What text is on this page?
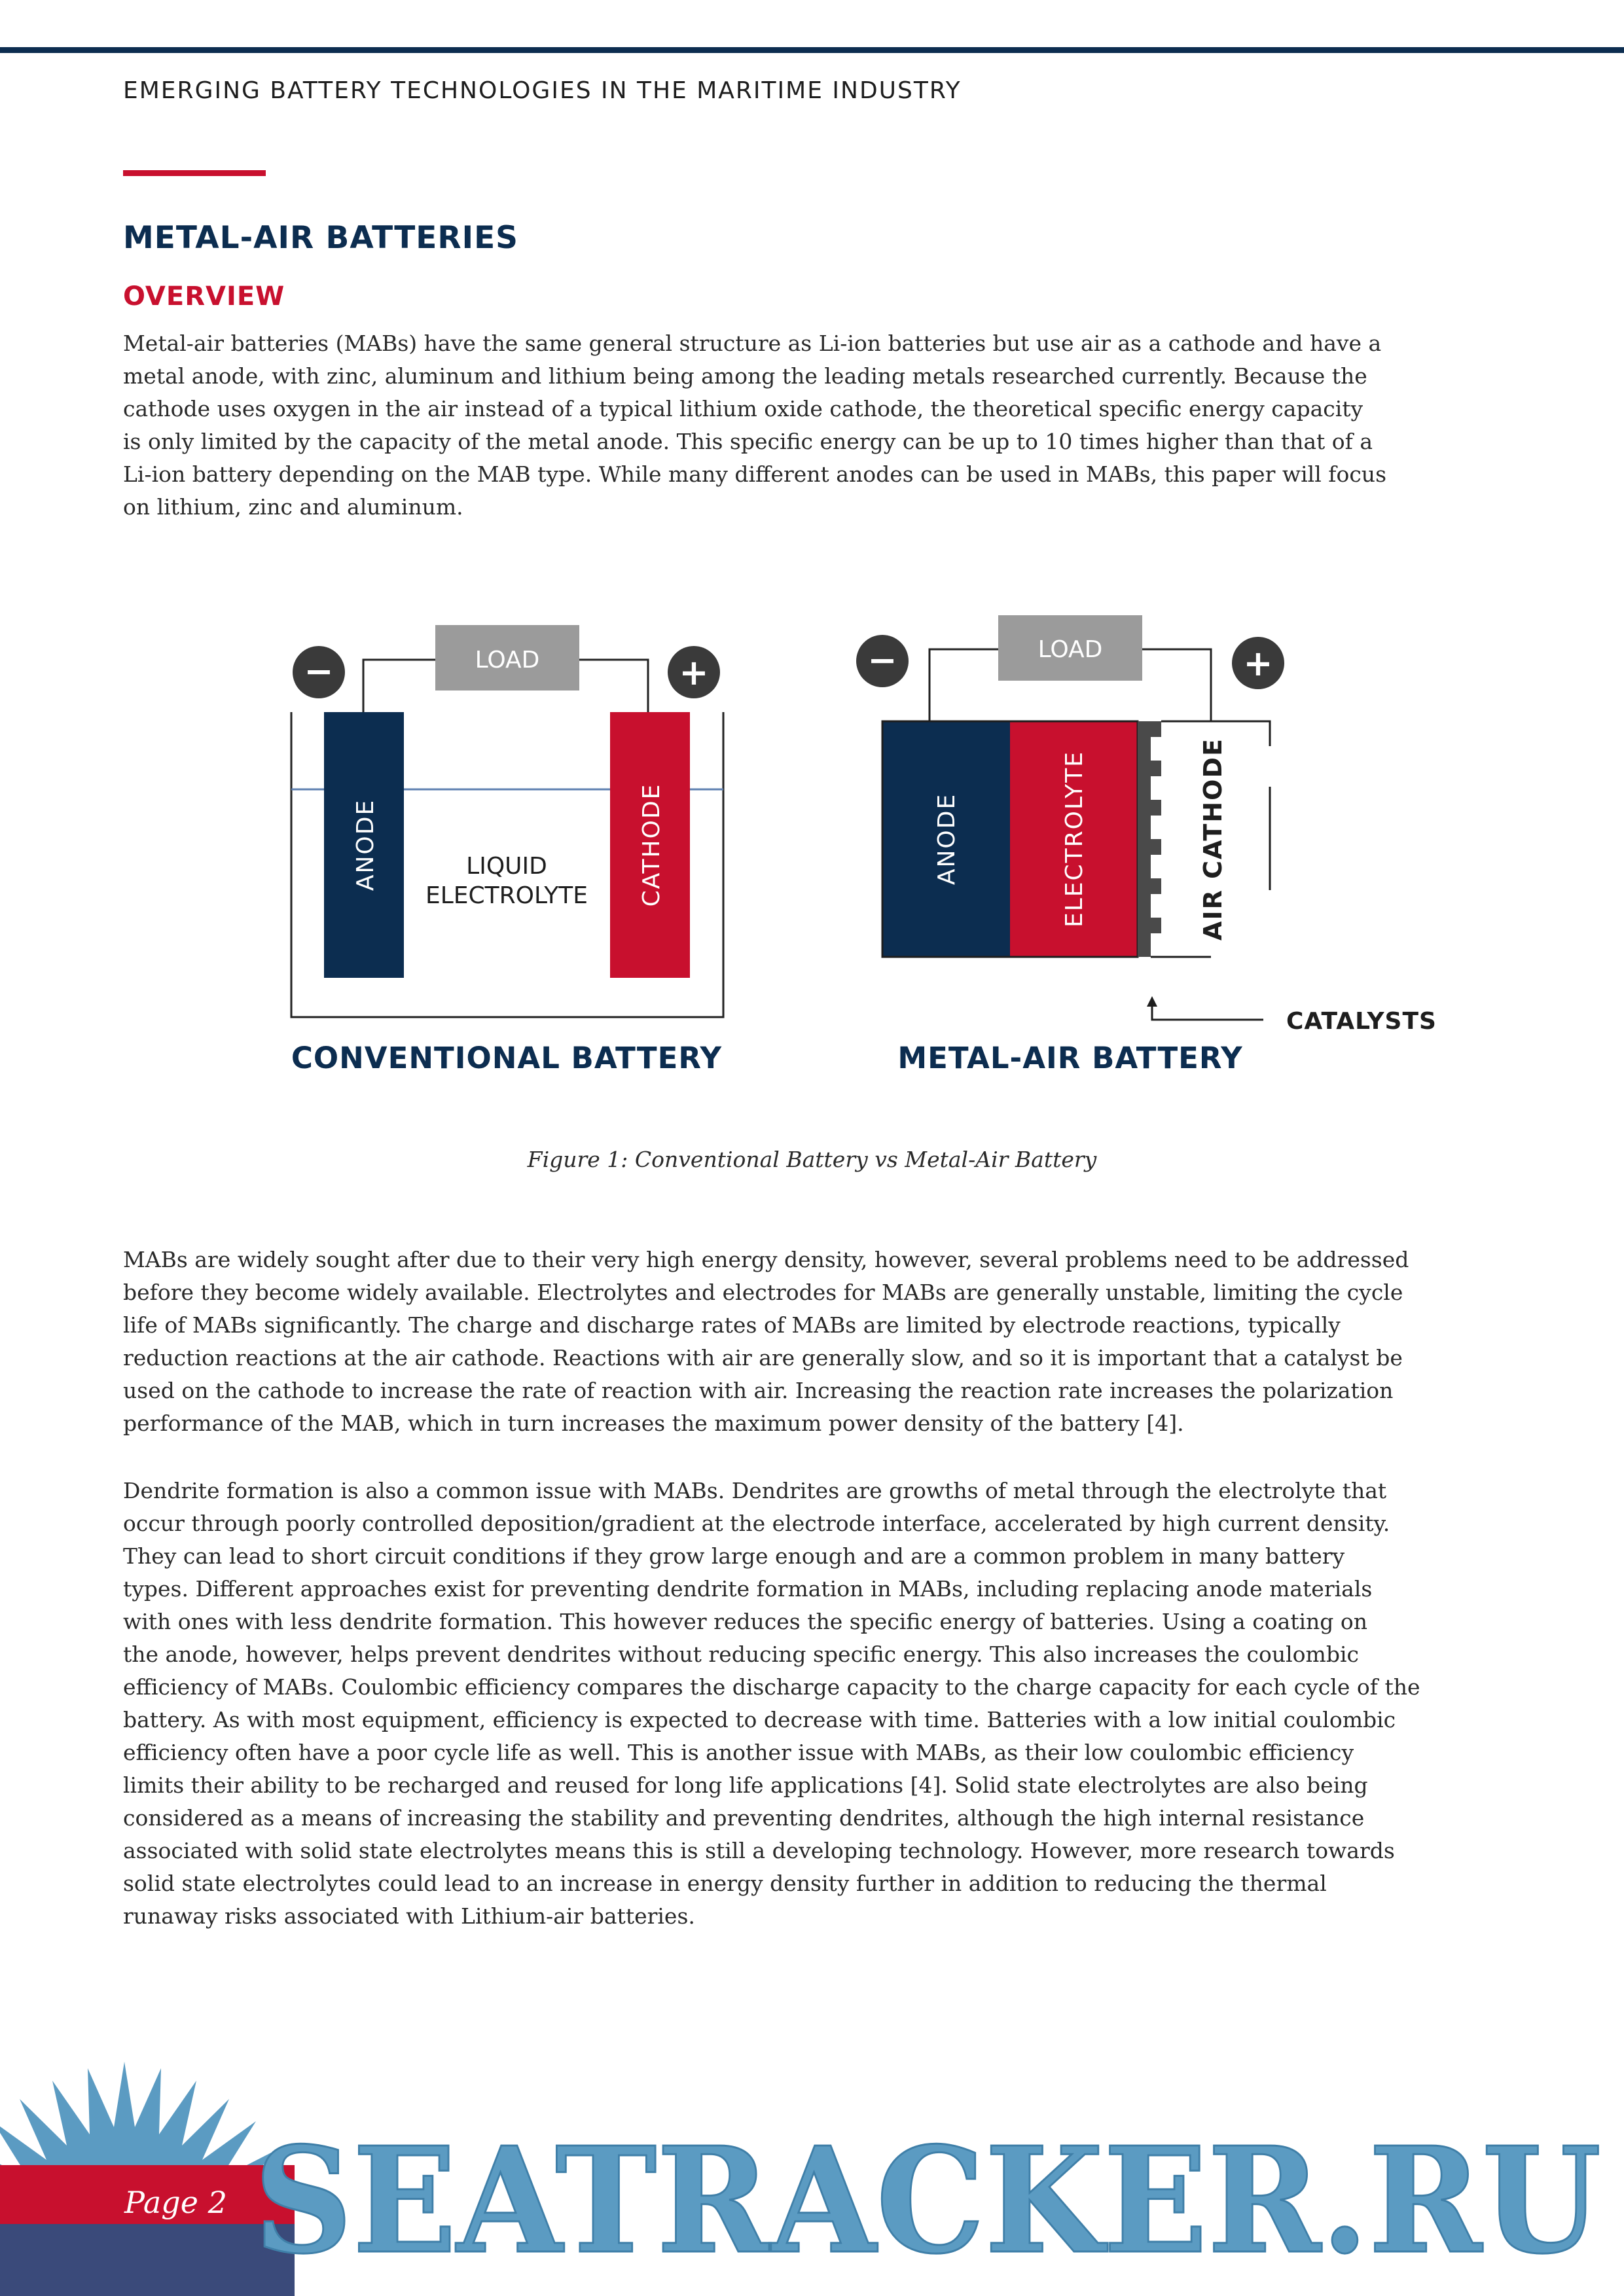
EMERGING BATTERY TECHNOLOGIES IN THE MARITIME INDUSTRY
METAL-AIR BATTERIES
OVERVIEW
Metal-air batteries (MABs) have the same general structure as Li-ion batteries but use air as a cathode and have a
metal anode, with zinc, aluminum and lithium being among the leading metals researched currently. Because the
cathode uses oxygen in the air instead of a typical lithium oxide cathode, the theoretical specific energy capacity
is only limited by the capacity of the metal anode. This specific energy can be up to 10 times higher than that of a
Li-ion battery depending on the MAB type. While many different anodes can be used in MABs, this paper will focus
on lithium, zinc and aluminum.
LOAD
−	+
ANODE	CATHODE
LIQUID
ELECTROLYTE
CONVENTIONAL BATTERY
LOAD
−	+
ANODE	ELECTROLYTE	AIR CATHODE
CATALYSTS
METAL-AIR BATTERY
Figure 1: Conventional Battery vs Metal-Air Battery
MABs are widely sought after due to their very high energy density, however, several problems need to be addressed
before they become widely available. Electrolytes and electrodes for MABs are generally unstable, limiting the cycle
life of MABs significantly. The charge and discharge rates of MABs are limited by electrode reactions, typically
reduction reactions at the air cathode. Reactions with air are generally slow, and so it is important that a catalyst be
used on the cathode to increase the rate of reaction with air. Increasing the reaction rate increases the polarization
performance of the MAB, which in turn increases the maximum power density of the battery [4].
Dendrite formation is also a common issue with MABs. Dendrites are growths of metal through the electrolyte that
occur through poorly controlled deposition/gradient at the electrode interface, accelerated by high current density.
They can lead to short circuit conditions if they grow large enough and are a common problem in many battery
types. Different approaches exist for preventing dendrite formation in MABs, including replacing anode materials
with ones with less dendrite formation. This however reduces the specific energy of batteries. Using a coating on
the anode, however, helps prevent dendrites without reducing specific energy. This also increases the coulombic
efficiency of MABs. Coulombic efficiency compares the discharge capacity to the charge capacity for each cycle of the
battery. As with most equipment, efficiency is expected to decrease with time. Batteries with a low initial coulombic
efficiency often have a poor cycle life as well. This is another issue with MABs, as their low coulombic efficiency
limits their ability to be recharged and reused for long life applications [4]. Solid state electrolytes are also being
considered as a means of increasing the stability and preventing dendrites, although the high internal resistance
associated with solid state electrolytes means this is still a developing technology. However, more research towards
solid state electrolytes could lead to an increase in energy density further in addition to reducing the thermal
runaway risks associated with Lithium-air batteries.
SEATRACKER.RU
Page 2
